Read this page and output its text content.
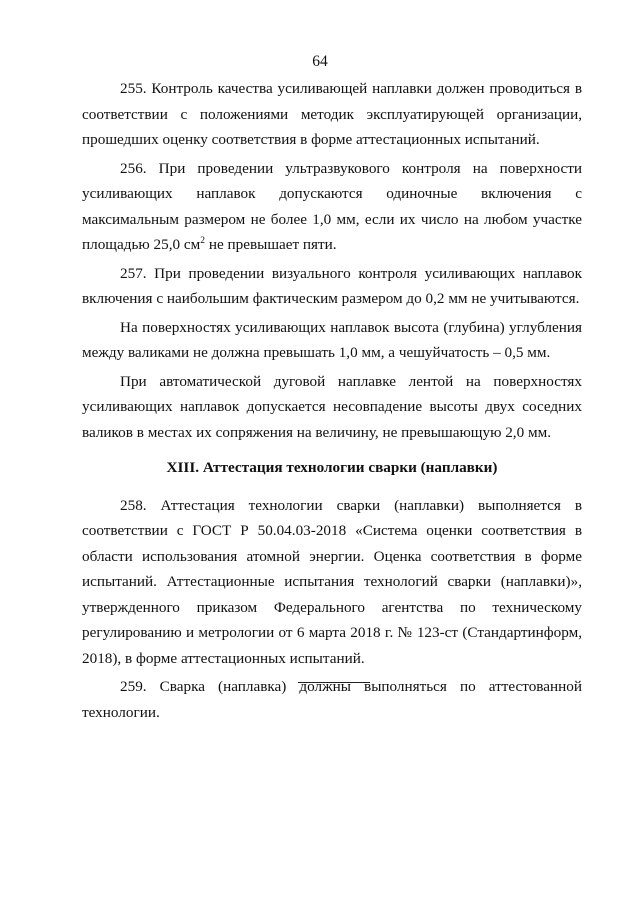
64

255. Контроль качества усиливающей наплавки должен проводиться в соответствии с положениями методик эксплуатирующей организации, прошедших оценку соответствия в форме аттестационных испытаний.

256. При проведении ультразвукового контроля на поверхности усиливающих наплавок допускаются одиночные включения с максимальным размером не более 1,0 мм, если их число на любом участке площадью 25,0 $см^2$ не превышает пяти.

257. При проведении визуального контроля усиливающих наплавок включения с наибольшим фактическим размером до 0,2 мм не учитываются.

На поверхностях усиливающих наплавок высота (глубина) углубления между валиками не должна превышать 1,0 мм, а чешуйчатость – 0,5 мм.

При автоматической дуговой наплавке лентой на поверхностях усиливающих наплавок допускается несовпадение высоты двух соседних валиков в местах их сопряжения на величину, не превышающую 2,0 мм.

XIII. Аттестация технологии сварки (наплавки)

258. Аттестация технологии сварки (наплавки) выполняется в соответствии с ГОСТ Р 50.04.03-2018 «Система оценки соответствия в области использования атомной энергии. Оценка соответствия в форме испытаний. Аттестационные испытания технологий сварки (наплавки)», утвержденного приказом Федерального агентства по техническому регулированию и метрологии от 6 марта 2018 г. № 123-ст (Стандартинформ, 2018), в форме аттестационных испытаний.

259. Сварка (наплавка) должны выполняться по аттестованной технологии.
